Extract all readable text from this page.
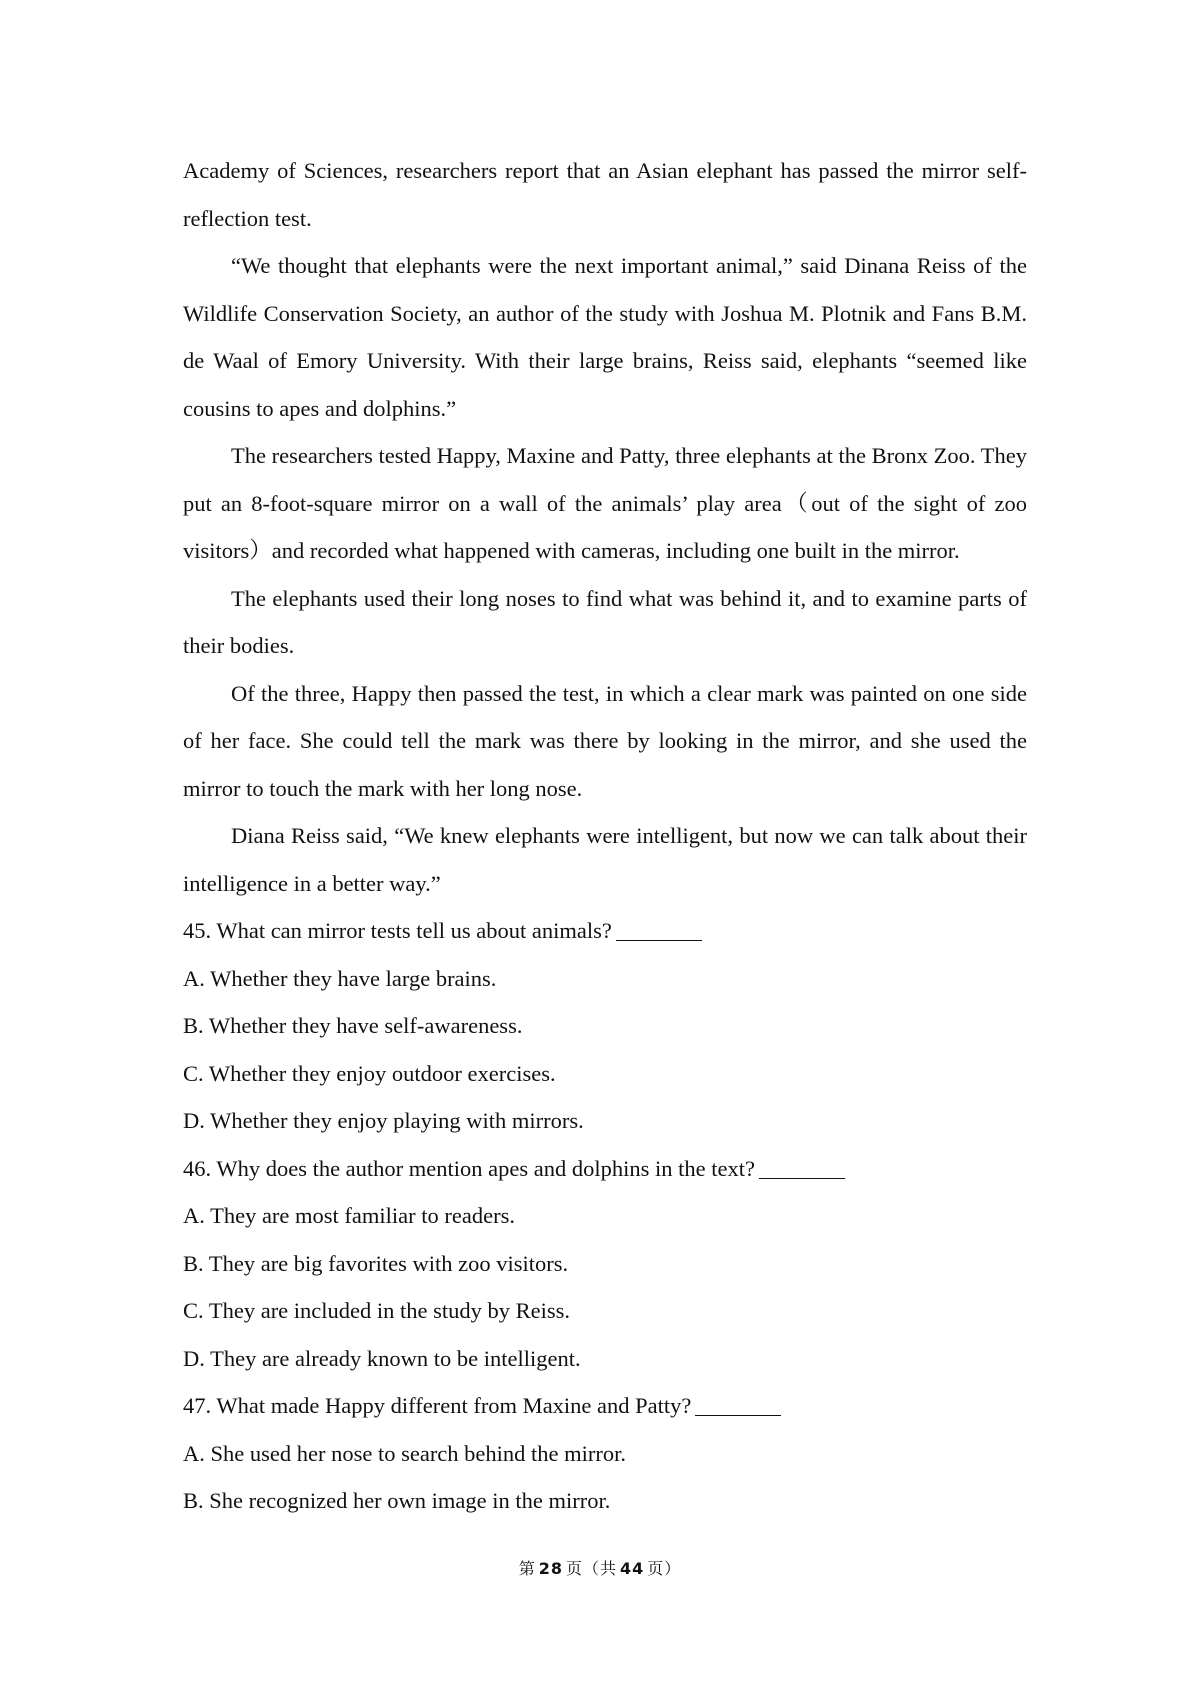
Academy of Sciences, researchers report that an Asian elephant has passed the mirror self-reflection test.

“We thought that elephants were the next important animal,” said Dinana Reiss of the Wildlife Conservation Society, an author of the study with Joshua M. Plotnik and Fans B.M. de Waal of Emory University. With their large brains, Reiss said, elephants “seemed like cousins to apes and dolphins.”

The researchers tested Happy, Maxine and Patty, three elephants at the Bronx Zoo. They put an 8-foot-square mirror on a wall of the animals’ play area（out of the sight of zoo visitors）and recorded what happened with cameras, including one built in the mirror.

The elephants used their long noses to find what was behind it, and to examine parts of their bodies.

Of the three, Happy then passed the test, in which a clear mark was painted on one side of her face. She could tell the mark was there by looking in the mirror, and she used the mirror to touch the mark with her long nose.

Diana Reiss said, “We knew elephants were intelligent, but now we can talk about their intelligence in a better way.”

45. What can mirror tests tell us about animals?

A. Whether they have large brains.

B. Whether they have self-awareness.

C. Whether they enjoy outdoor exercises.

D. Whether they enjoy playing with mirrors.

46. Why does the author mention apes and dolphins in the text?

A. They are most familiar to readers.

B. They are big favorites with zoo visitors.

C. They are included in the study by Reiss.

D. They are already known to be intelligent.

47. What made Happy different from Maxine and Patty?

A. She used her nose to search behind the mirror.

B. She recognized her own image in the mirror.

第 28 页（共 44 页）
